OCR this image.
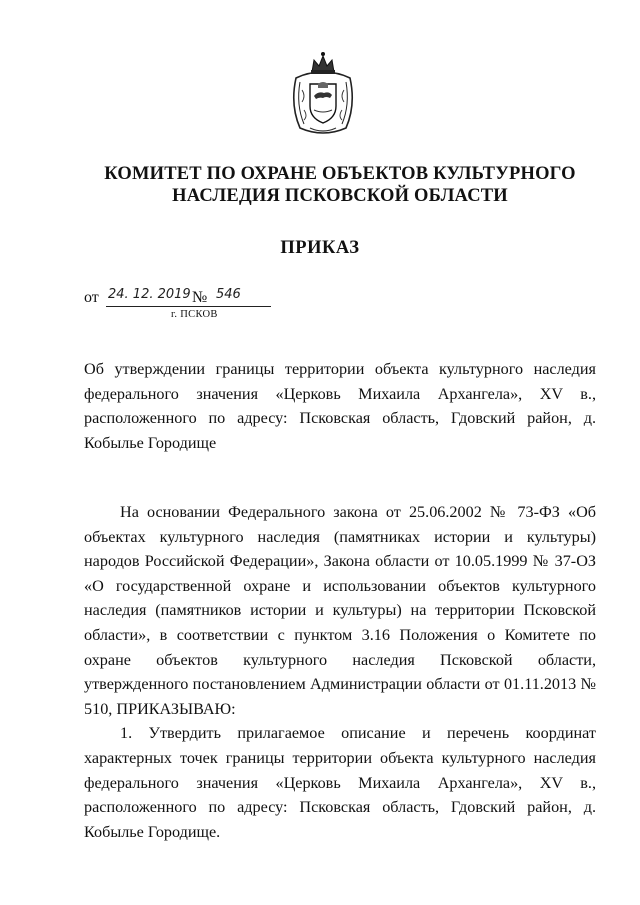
КОМИТЕТ ПО ОХРАНЕ ОБЪЕКТОВ КУЛЬТУРНОГО
НАСЛЕДИЯ ПСКОВСКОЙ ОБЛАСТИ
ПРИКАЗ
от 24. 12. 2019 № 546
г. ПСКОВ
Об утверждении границы территории объекта культурного наследия федерального значения «Церковь Михаила Архангела», XV в., расположенного по адресу: Псковская область, Гдовский район, д. Кобылье Городище

На основании Федерального закона от 25.06.2002 № 73-ФЗ «Об объектах культурного наследия (памятниках истории и культуры) народов Российской Федерации», Закона области от 10.05.1999 № 37-ОЗ «О государственной охране и использовании объектов культурного наследия (памятников истории и культуры) на территории Псковской области», в соответствии с пунктом 3.16 Положения о Комитете по охране объектов культурного наследия Псковской области, утвержденного постановлением Администрации области от 01.11.2013 № 510, ПРИКАЗЫВАЮ:

1. Утвердить прилагаемое описание и перечень координат характерных точек границы территории объекта культурного наследия федерального значения «Церковь Михаила Архангела», XV в., расположенного по адресу: Псковская область, Гдовский район, д. Кобылье Городище.
